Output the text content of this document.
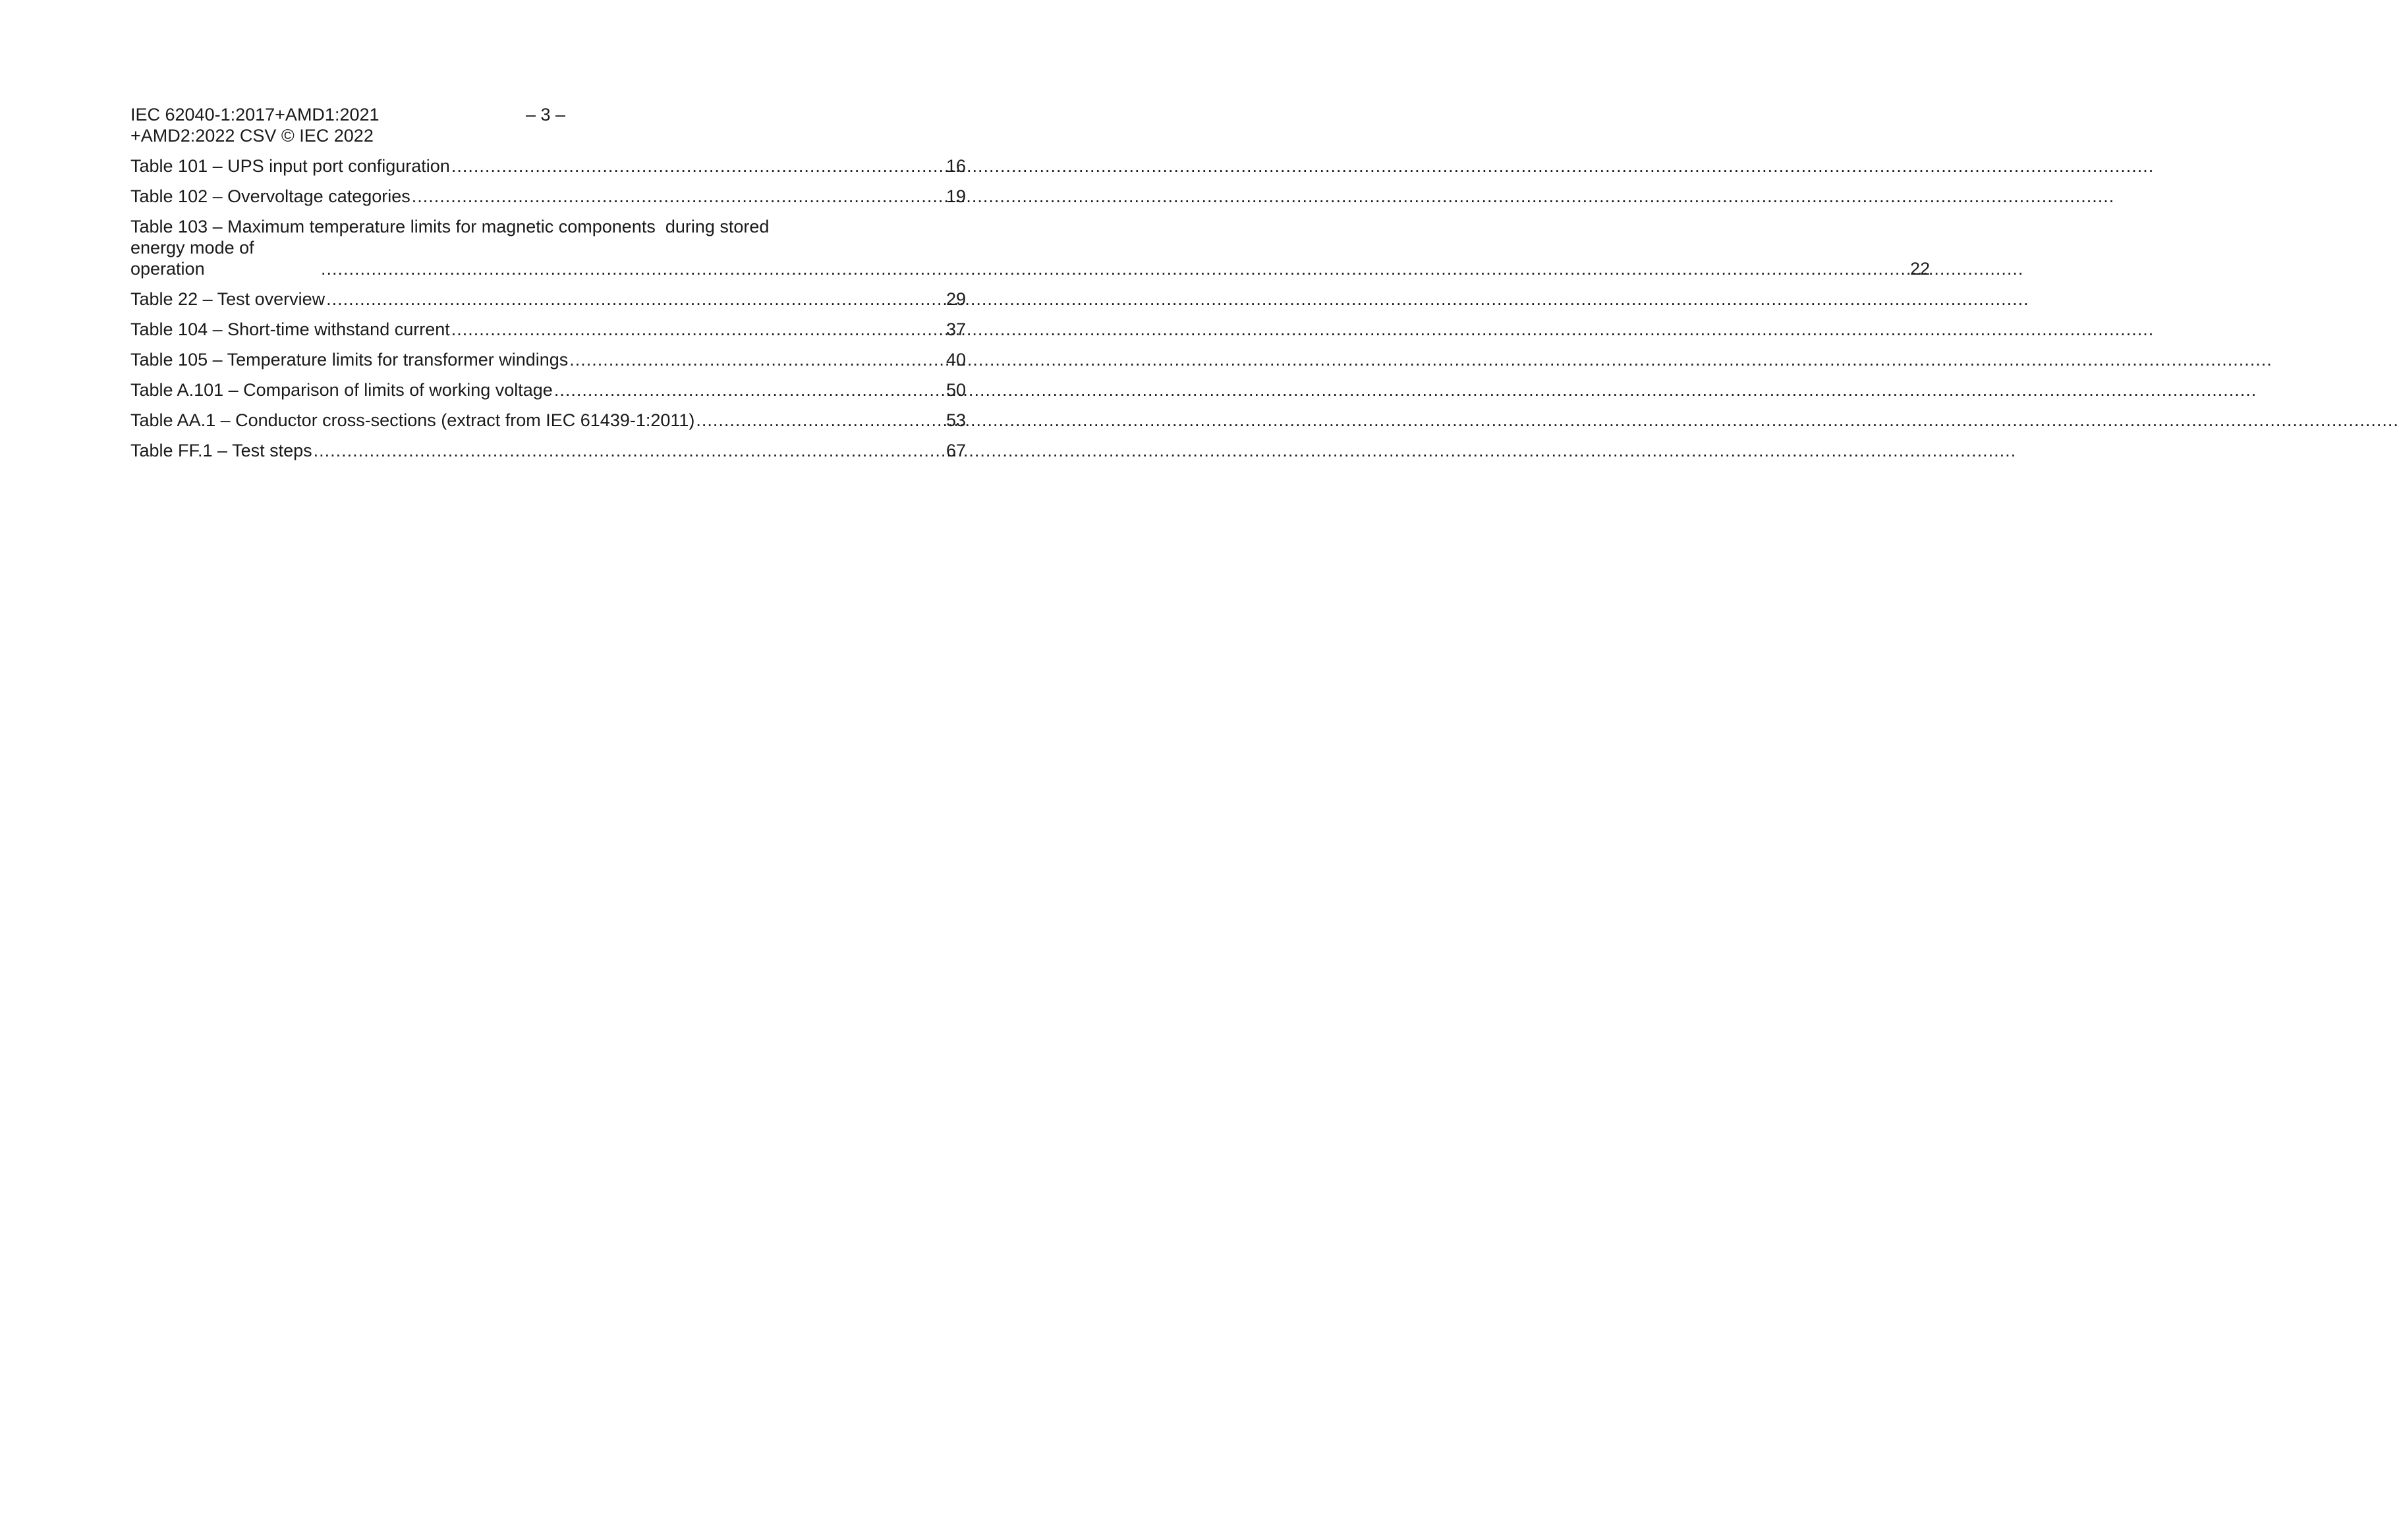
IEC 62040-1:2017+AMD1:2021
+AMD2:2022 CSV © IEC 2022
– 3 –
Table 101 – UPS input port configuration .....	16
Table 102 – Overvoltage categories .....	19
Table 103 – Maximum temperature limits for magnetic components  during stored
energy mode of operation .....	22
Table 22 – Test overview .....	29
Table 104 – Short-time withstand current .....	37
Table 105 – Temperature limits for transformer windings .....	40
Table A.101 – Comparison of limits of working voltage .....	50
Table AA.1 – Conductor cross-sections (extract from IEC 61439-1:2011) .....	53
Table FF.1 – Test steps .....	67
